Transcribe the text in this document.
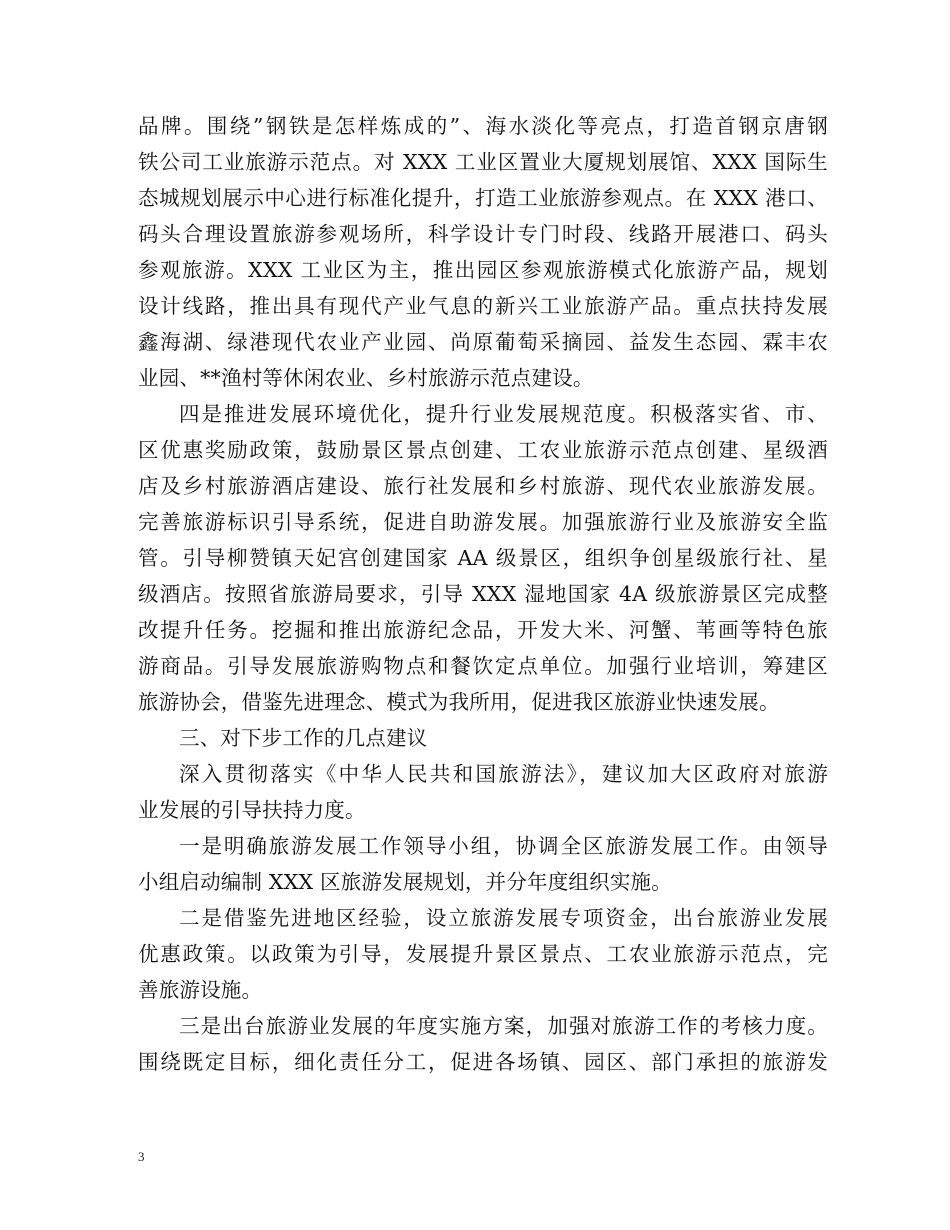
品牌。围绕”钢铁是怎样炼成的”、海水淡化等亮点，打造首钢京唐钢
铁公司工业旅游示范点。对 XXX 工业区置业大厦规划展馆、XXX 国际生
态城规划展示中心进行标准化提升，打造工业旅游参观点。在 XXX 港口、
码头合理设置旅游参观场所，科学设计专门时段、线路开展港口、码头
参观旅游。XXX 工业区为主，推出园区参观旅游模式化旅游产品，规划
设计线路，推出具有现代产业气息的新兴工业旅游产品。重点扶持发展
鑫海湖、绿港现代农业产业园、尚原葡萄采摘园、益发生态园、霖丰农
业园、**渔村等休闲农业、乡村旅游示范点建设。
四是推进发展环境优化，提升行业发展规范度。积极落实省、市、
区优惠奖励政策，鼓励景区景点创建、工农业旅游示范点创建、星级酒
店及乡村旅游酒店建设、旅行社发展和乡村旅游、现代农业旅游发展。
完善旅游标识引导系统，促进自助游发展。加强旅游行业及旅游安全监
管。引导柳赞镇天妃宫创建国家 AA 级景区，组织争创星级旅行社、星
级酒店。按照省旅游局要求，引导 XXX 湿地国家 4A 级旅游景区完成整
改提升任务。挖掘和推出旅游纪念品，开发大米、河蟹、苇画等特色旅
游商品。引导发展旅游购物点和餐饮定点单位。加强行业培训，筹建区
旅游协会，借鉴先进理念、模式为我所用，促进我区旅游业快速发展。
三、对下步工作的几点建议
深入贯彻落实《中华人民共和国旅游法》，建议加大区政府对旅游
业发展的引导扶持力度。
一是明确旅游发展工作领导小组，协调全区旅游发展工作。由领导
小组启动编制 XXX 区旅游发展规划，并分年度组织实施。
二是借鉴先进地区经验，设立旅游发展专项资金，出台旅游业发展
优惠政策。以政策为引导，发展提升景区景点、工农业旅游示范点，完
善旅游设施。
三是出台旅游业发展的年度实施方案，加强对旅游工作的考核力度。
围绕既定目标，细化责任分工，促进各场镇、园区、部门承担的旅游发
3
